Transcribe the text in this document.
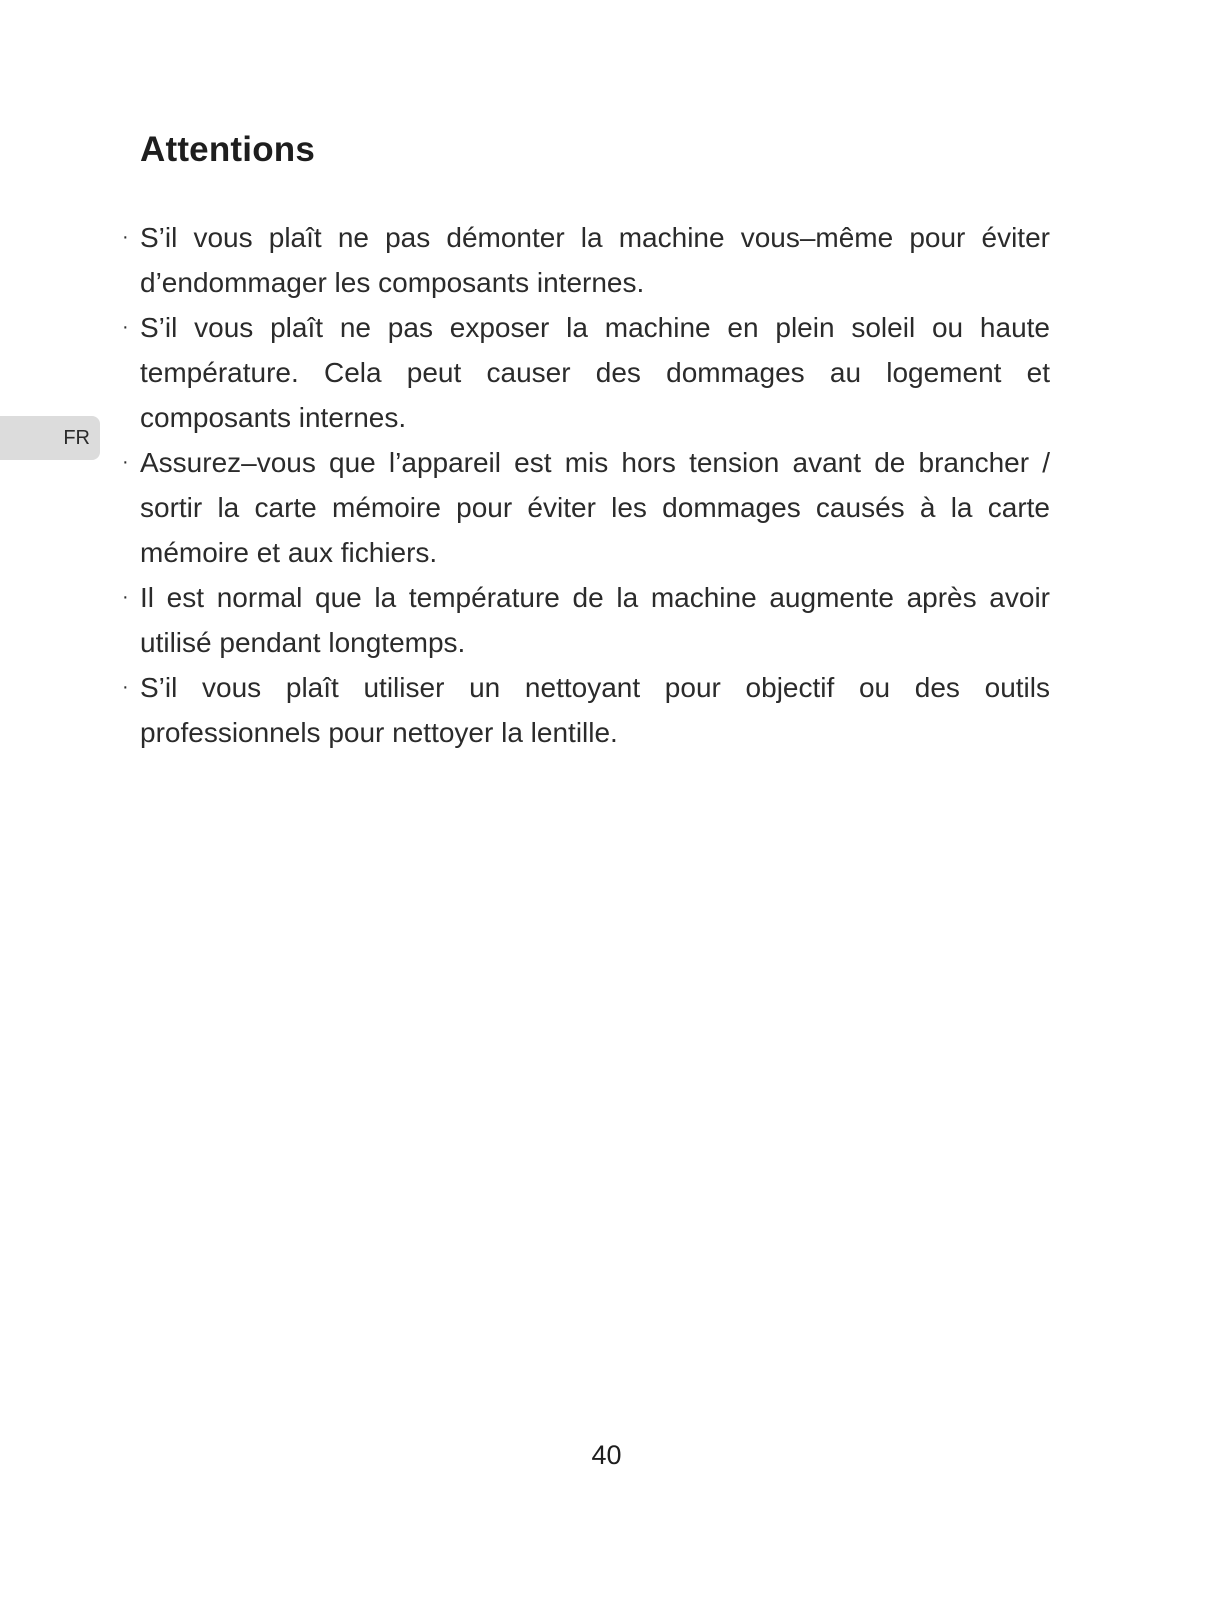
Attentions
FR
· S’il vous plaît ne pas démonter la machine vous–même pour éviter d’endommager les composants internes.
· S’il vous plaît ne pas exposer la machine en plein soleil ou haute température. Cela peut causer des dommages au logement et composants internes.
· Assurez–vous que l’appareil est mis hors tension avant de brancher / sortir la carte mémoire pour éviter les dommages causés à la carte mémoire et aux fichiers.
· Il est normal que la température de la machine augmente après avoir utilisé pendant longtemps.
· S’il vous plaît utiliser un nettoyant pour objectif ou des outils professionnels pour nettoyer la lentille.
40
